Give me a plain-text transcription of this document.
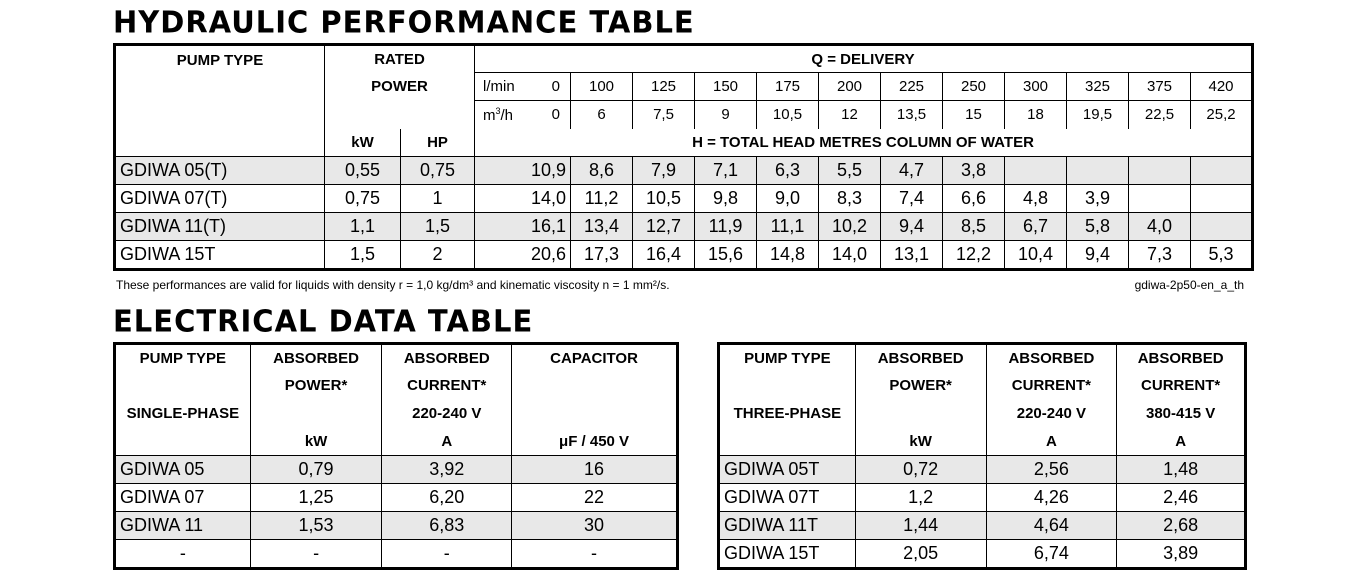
HYDRAULIC PERFORMANCE TABLE
PUMP TYPE	RATED		Q = DELIVERY												
	POWER		l/min	0	100	125	150	175	200	225	250	300	325	375	420
			$m^3/h$	0	6	7,5	9	10,5	12	13,5	15	18	19,5	22,5	25,2
	kW	HP	H = TOTAL HEAD METRES COLUMN OF WATER												
GDIWA 05(T)	0,55	0,75	10,9		8,6	7,9	7,1	6,3	5,5	4,7	3,8				
GDIWA 07(T)	0,75	1	14,0		11,2	10,5	9,8	9,0	8,3	7,4	6,6	4,8	3,9		
GDIWA 11(T)	1,1	1,5	16,1		13,4	12,7	11,9	11,1	10,2	9,4	8,5	6,7	5,8	4,0	
GDIWA 15T	1,5	2	20,6		17,3	16,4	15,6	14,8	14,0	13,1	12,2	10,4	9,4	7,3	5,3
These performances are valid for liquids with density r = 1,0 kg/dm³ and kinematic viscosity n = 1 mm²/s.	gdiwa-2p50-en_a_th
ELECTRICAL DATA TABLE
PUMP TYPE	ABSORBED	ABSORBED	CAPACITOR
	POWER*	CURRENT*	
SINGLE-PHASE		220-240 V	
	kW	A	μF / 450 V
GDIWA 05	0,79	3,92	16
GDIWA 07	1,25	6,20	22
GDIWA 11	1,53	6,83	30
-	-	-	-
PUMP TYPE	ABSORBED	ABSORBED	ABSORBED
	POWER*	CURRENT*	CURRENT*
THREE-PHASE		220-240 V	380-415 V
	kW	A	A
GDIWA 05T	0,72	2,56	1,48
GDIWA 07T	1,2	4,26	2,46
GDIWA 11T	1,44	4,64	2,68
GDIWA 15T	2,05	6,74	3,89
